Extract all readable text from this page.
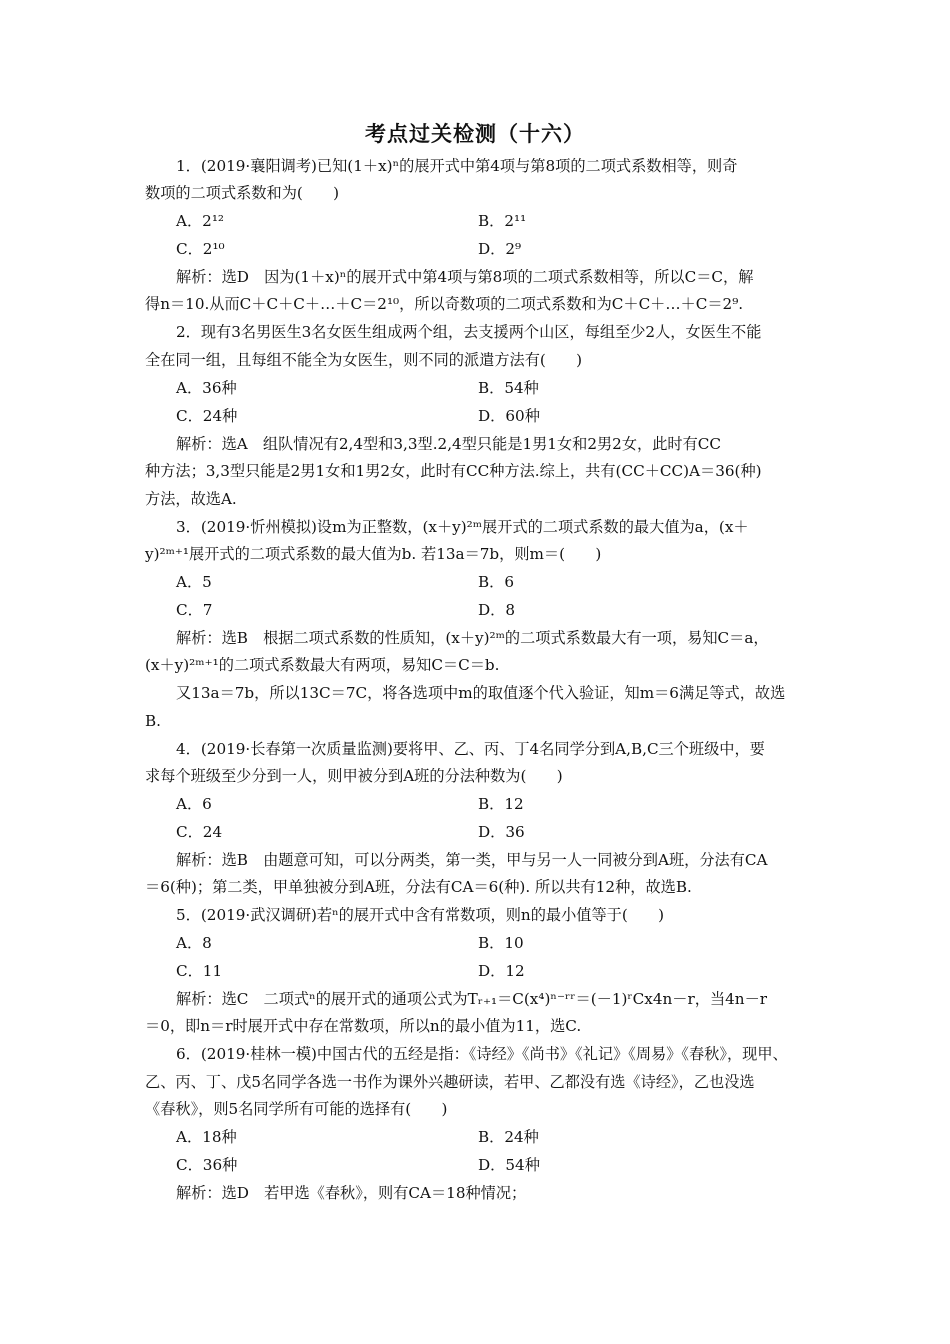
考点过关检测（十六）
1．(2019·襄阳调考)已知(1＋x)ⁿ的展开式中第4项与第8项的二项式系数相等，则奇
数项的二项式系数和为(　　)
A．2¹²	B．2¹¹
C．2¹⁰	D．2⁹
解析：选D　因为(1＋x)ⁿ的展开式中第4项与第8项的二项式系数相等，所以C＝C，解
得n＝10.从而C＋C＋C＋…＋C＝2¹⁰，所以奇数项的二项式系数和为C＋C＋…＋C＝2⁹.
2．现有3名男医生3名女医生组成两个组，去支援两个山区，每组至少2人，女医生不能
全在同一组，且每组不能全为女医生，则不同的派遣方法有(　　)
A．36种	B．54种
C．24种	D．60种
解析：选A　组队情况有2,4型和3,3型.2,4型只能是1男1女和2男2女，此时有CC
种方法；3,3型只能是2男1女和1男2女，此时有CC种方法.综上，共有(CC＋CC)A＝36(种)
方法，故选A.
3．(2019·忻州模拟)设m为正整数，(x＋y)²ᵐ展开式的二项式系数的最大值为a，(x＋
y)²ᵐ⁺¹展开式的二项式系数的最大值为b. 若13a＝7b，则m＝(　　)
A．5	B．6
C．7	D．8
解析：选B　根据二项式系数的性质知，(x＋y)²ᵐ的二项式系数最大有一项，易知C＝a，
(x＋y)²ᵐ⁺¹的二项式系数最大有两项，易知C＝C＝b.
又13a＝7b，所以13C＝7C，将各选项中m的取值逐个代入验证，知m＝6满足等式，故选
B.
4．(2019·长春第一次质量监测)要将甲、乙、丙、丁4名同学分到A,B,C三个班级中，要
求每个班级至少分到一人，则甲被分到A班的分法种数为(　　)
A．6	B．12
C．24	D．36
解析：选B　由题意可知，可以分两类，第一类，甲与另一人一同被分到A班，分法有CA
＝6(种)；第二类，甲单独被分到A班，分法有CA＝6(种). 所以共有12种，故选B.
5．(2019·武汉调研)若ⁿ的展开式中含有常数项，则n的最小值等于(　　)
A．8	B．10
C．11	D．12
解析：选C　二项式ⁿ的展开式的通项公式为Tᵣ₊₁＝C(x⁴)ⁿ⁻ʳʳ＝(－1)ʳCx4n－r，当4n－r
＝0，即n＝r时展开式中存在常数项，所以n的最小值为11，选C.
6．(2019·桂林一模)中国古代的五经是指：《诗经》《尚书》《礼记》《周易》《春秋》，现甲、
乙、丙、丁、戊5名同学各选一书作为课外兴趣研读，若甲、乙都没有选《诗经》，乙也没选
《春秋》，则5名同学所有可能的选择有(　　)
A．18种	B．24种
C．36种	D．54种
解析：选D　若甲选《春秋》，则有CA＝18种情况；
